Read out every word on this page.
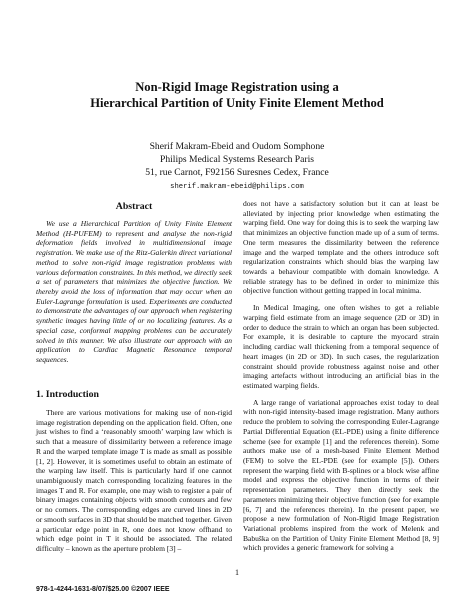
Non-Rigid Image Registration using a
Hierarchical Partition of Unity Finite Element Method
Sherif Makram-Ebeid and Oudom Somphone
Philips Medical Systems Research Paris
51, rue Carnot, F92156 Suresnes Cedex, France
sherif.makram-ebeid@philips.com
Abstract

We use a Hierarchical Partition of Unity Finite Element Method (H-PUFEM) to represent and analyse the non-rigid deformation fields involved in multidimensional image registration. We make use of the Ritz-Galerkin direct variational method to solve non-rigid image registration problems with various deformation constraints. In this method, we directly seek a set of parameters that minimizes the objective function. We thereby avoid the loss of information that may occur when an Euler-Lagrange formulation is used. Experiments are conducted to demonstrate the advantages of our approach when registering synthetic images having little of or no localizing features. As a special case, conformal mapping problems can be accurately solved in this manner. We also illustrate our approach with an application to Cardiac Magnetic Resonance temporal sequences.

1. Introduction

There are various motivations for making use of non-rigid image registration depending on the application field. Often, one just wishes to find a ‘reasonably smooth’ warping law which is such that a measure of dissimilarity between a reference image R and the warped template image T is made as small as possible [1, 2]. However, it is sometimes useful to obtain an estimate of the warping law itself. This is particularly hard if one cannot unambiguously match corresponding localizing features in the images T and R. For example, one may wish to register a pair of binary images containing objects with smooth contours and few or no corners. The corresponding edges are curved lines in 2D or smooth surfaces in 3D that should be matched together. Given a particular edge point in R, one does not know offhand to which edge point in T it should be associated. The related difficulty – known as the aperture problem [3] –

does not have a satisfactory solution but it can at least be alleviated by injecting prior knowledge when estimating the warping field. One way for doing this is to seek the warping law that minimizes an objective function made up of a sum of terms. One term measures the dissimilarity between the reference image and the warped template and the others introduce soft regularization constraints which should bias the warping law towards a behaviour compatible with domain knowledge. A reliable strategy has to be defined in order to minimize this objective function without getting trapped in local minima.

In Medical Imaging, one often wishes to get a reliable warping field estimate from an image sequence (2D or 3D) in order to deduce the strain to which an organ has been subjected. For example, it is desirable to capture the myocard strain including cardiac wall thickening from a temporal sequence of heart images (in 2D or 3D). In such cases, the regularization constraint should provide robustness against noise and other imaging artefacts without introducing an artificial bias in the estimated warping fields.

A large range of variational approaches exist today to deal with non-rigid intensity-based image registration. Many authors reduce the problem to solving the corresponding Euler-Lagrange Partial Differential Equation (EL-PDE) using a finite difference scheme (see for example [1] and the references therein). Some authors make use of a mesh-based Finite Element Method (FEM) to solve the EL-PDE (see for example [5]). Others represent the warping field with B-splines or a block wise affine model and express the objective function in terms of their representation parameters. They then directly seek the parameters minimizing their objective function (see for example [6, 7] and the references therein). In the present paper, we propose a new formulation of Non-Rigid Image Registration Variational problems inspired from the work of Melenk and Babuška on the Partition of Unity Finite Element Method [8, 9] which provides a generic framework for solving a

1
978-1-4244-1631-8/07/$25.00 ©2007 IEEE
